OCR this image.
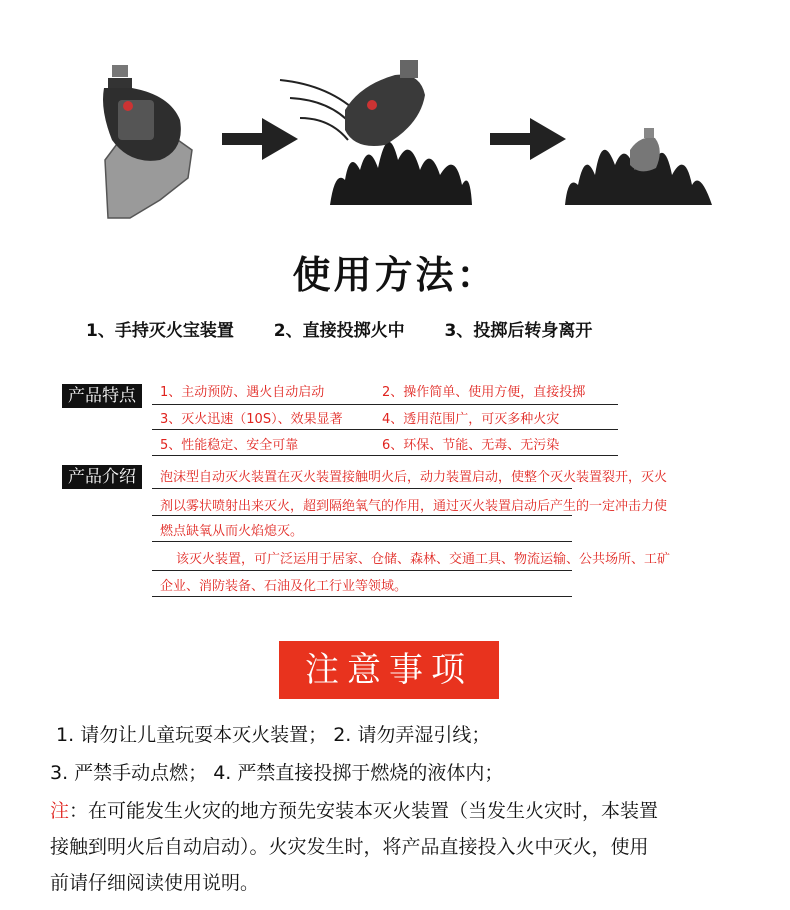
使用方法：
1、手持灭火宝装置 2、直接投掷火中 3、投掷后转身离开
产品特点	1、主动预防、遇火自动启动	2、操作简单、使用方便，直接投掷
3、灭火迅速（10S）、效果显著	4、透用范围广，可灭多种火灾
5、性能稳定、安全可靠	6、环保、节能、无毒、无污染
产品介绍	泡沫型自动灭火装置在灭火装置接触明火后，动力装置启动，使整个灭火装置裂开，灭火
剂以雾状喷射出来灭火，超到隔绝氧气的作用，通过灭火装置启动后产生的一定冲击力使
燃点缺氧从而火焰熄灭。
该灭火装置，可广泛运用于居家、仓储、森林、交通工具、物流运输、公共场所、工矿
企业、消防装备、石油及化工行业等领域。
注意事项
1. 请勿让儿童玩耍本灭火装置； 2. 请勿弄湿引线；
3. 严禁手动点燃； 4. 严禁直接投掷于燃烧的液体内；
注：在可能发生火灾的地方预先安装本灭火装置（当发生火灾时，本装置
接触到明火后自动启动）。火灾发生时，将产品直接投入火中灭火，使用
前请仔细阅读使用说明。
